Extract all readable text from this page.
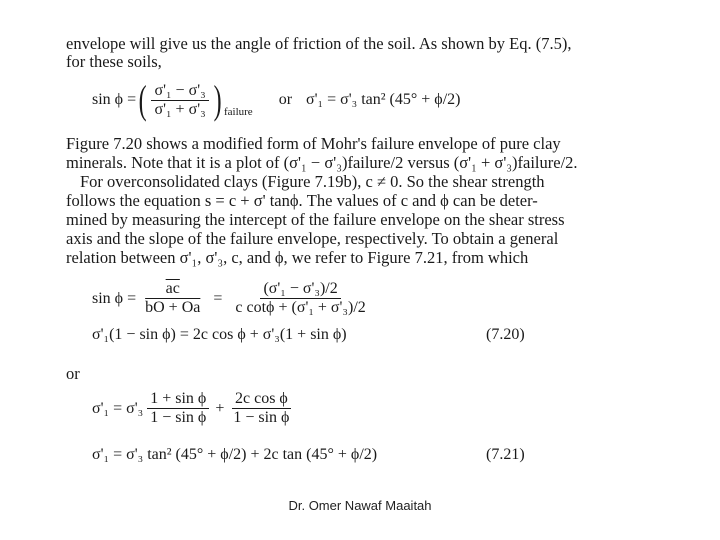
envelope will give us the angle of friction of the soil. As shown by Eq. (7.5),
for these soils,
sin ϕ = ( $\frac{\text{σ'₁ − σ'₃}}{\text{σ'₁ + σ'₃}}$ ) failure
or σ'₁ = σ'₃ tan² (45° + ϕ/2)
Figure 7.20 shows a modified form of Mohr's failure envelope of pure clay
minerals. Note that it is a plot of (σ'₁ − σ'₃)failure/2 versus (σ'₁ + σ'₃)failure/2.
For overconsolidated clays (Figure 7.19b), c ≠ 0. So the shear strength
follows the equation s = c + σ' tanϕ. The values of c and ϕ can be deter-
mined by measuring the intercept of the failure envelope on the shear stress
axis and the slope of the failure envelope, respectively. To obtain a general
relation between σ'₁, σ'₃, c, and ϕ, we refer to Figure 7.21, from which
$\sin \phi = \frac{\overline{ac}}{bO + Oa} = \frac{\text{(σ'₁ − σ'₃)/2}}{\text{c cotϕ + (σ'₁ + σ'₃)/2}}$
σ'₁(1 − sin ϕ) = 2c cos ϕ + σ'₃(1 + sin ϕ)	(7.20)
or
$\sigma'_1 = \sigma'_3 \frac{\text{1 + sin ϕ}}{\text{1 − sin ϕ}} + \frac{\text{2c cos ϕ}}{\text{1 − sin ϕ}}$
σ'₁ = σ'₃ tan² (45° + ϕ/2) + 2c tan (45° + ϕ/2)	(7.21)
Dr. Omer Nawaf Maaitah
